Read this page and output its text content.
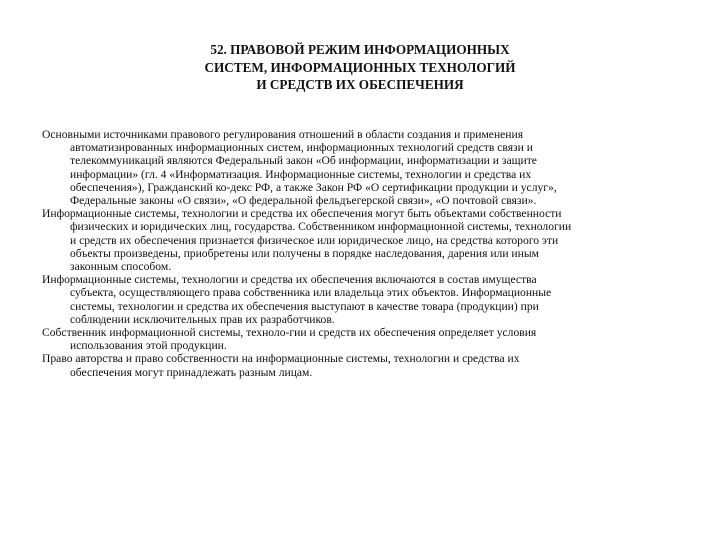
52. ПРАВОВОЙ РЕЖИМ ИНФОРМАЦИОННЫХ
СИСТЕМ, ИНФОРМАЦИОННЫХ ТЕХНОЛОГИЙ
И СРЕДСТВ ИХ ОБЕСПЕЧЕНИЯ

Основными источниками правового регулирования отношений в области создания и применения
автоматизированных информационных систем, информационных технологий средств связи и
телекоммуникаций являются Федеральный закон «Об информации, информатизации и защите
информации» (гл. 4 «Информатизация. Информационные системы, технологии и средства их
обеспечения»), Гражданский ко-декс РФ, а также Закон РФ «О сертификации продукции и услуг»,
Федеральные законы «О связи», «О федеральной фельдъегерской связи», «О почтовой связи».

Информационные системы, технологии и средства их обеспечения могут быть объектами собственности
физических и юридических лиц, государства. Собственником информационной системы, технологии
и средств их обеспечения признается физическое или юридическое лицо, на средства которого эти
объекты произведены, приобретены или получены в порядке наследования, дарения или иным
законным способом.

Информационные системы, технологии и средства их обеспечения включаются в состав имущества
субъекта, осуществляющего права собственника или владельца этих объектов. Информационные
системы, технологии и средства их обеспечения выступают в качестве товара (продукции) при
соблюдении исключительных прав их разработчиков.

Собственник информационной системы, техноло-гии и средств их обеспечения определяет условия
использования этой продукции.

Право авторства и право собственности на информационные системы, технологии и средства их
обеспечения могут принадлежать разным лицам.
